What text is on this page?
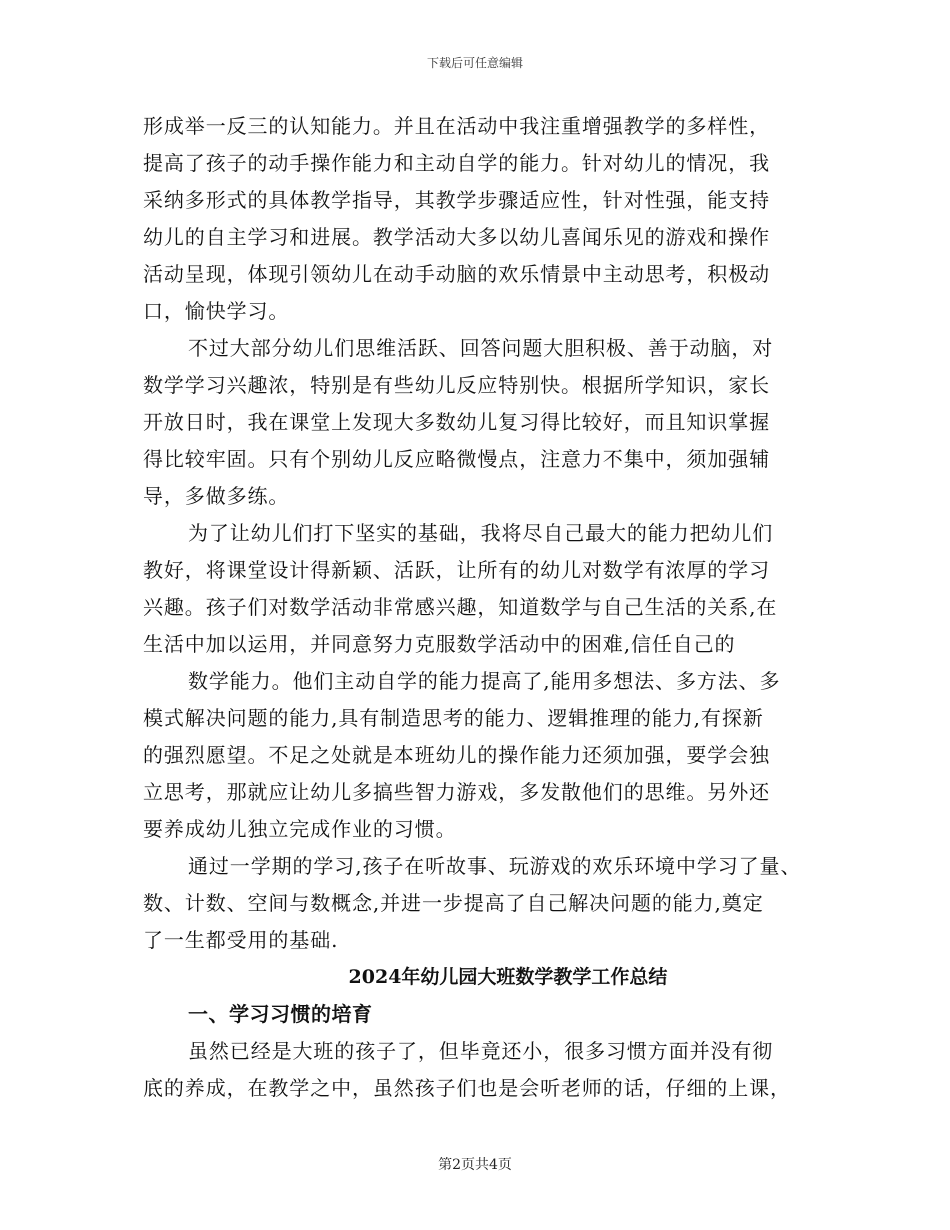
下载后可任意编辑
形成举一反三的认知能力。并且在活动中我注重增强教学的多样性，
提高了孩子的动手操作能力和主动自学的能力。针对幼儿的情况，我
采纳多形式的具体教学指导，其教学步骤适应性，针对性强，能支持
幼儿的自主学习和进展。教学活动大多以幼儿喜闻乐见的游戏和操作
活动呈现，体现引领幼儿在动手动脑的欢乐情景中主动思考，积极动
口，愉快学习。
不过大部分幼儿们思维活跃、回答问题大胆积极、善于动脑，对
数学学习兴趣浓，特别是有些幼儿反应特别快。根据所学知识，家长
开放日时，我在课堂上发现大多数幼儿复习得比较好，而且知识掌握
得比较牢固。只有个别幼儿反应略微慢点，注意力不集中，须加强辅
导，多做多练。
为了让幼儿们打下坚实的基础，我将尽自己最大的能力把幼儿们
教好，将课堂设计得新颖、活跃，让所有的幼儿对数学有浓厚的学习
兴趣。孩子们对数学活动非常感兴趣，知道数学与自己生活的关系,在
生活中加以运用，并同意努力克服数学活动中的困难,信任自己的
数学能力。他们主动自学的能力提高了,能用多想法、多方法、多
模式解决问题的能力,具有制造思考的能力、逻辑推理的能力,有探新
的强烈愿望。不足之处就是本班幼儿的操作能力还须加强，要学会独
立思考，那就应让幼儿多搞些智力游戏，多发散他们的思维。另外还
要养成幼儿独立完成作业的习惯。
通过一学期的学习,孩子在听故事、玩游戏的欢乐环境中学习了量、
数、计数、空间与数概念,并进一步提高了自己解决问题的能力,奠定
了一生都受用的基础.
2024年幼儿园大班数学教学工作总结
一、学习习惯的培育
虽然已经是大班的孩子了，但毕竟还小，很多习惯方面并没有彻
底的养成，在教学之中，虽然孩子们也是会听老师的话，仔细的上课，
第2页共4页
